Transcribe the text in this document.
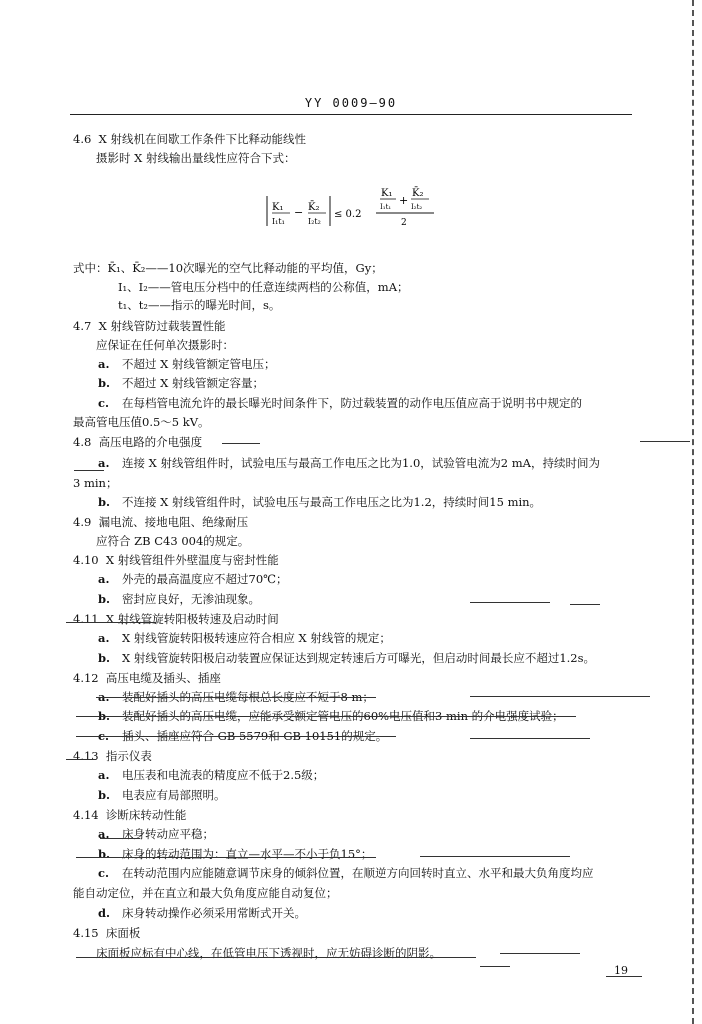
YY 0009—90
4.6 X 射线机在间歇工作条件下比释动能线性
摄影时 X 射线输出量线性应符合下式：
K₁
I₁t₁
− K̄₂
I₂t₂
≤ 0.2
K₁
I₁t₁ +
K̄₂
I₂t₂
2
式中：K̄₁、K̄₂——10次曝光的空气比释动能的平均值，Gy；
I₁、I₂——管电压分档中的任意连续两档的公称值，mA；
t₁、t₂——指示的曝光时间，s。
4.7 X 射线管防过载装置性能
应保证在任何单次摄影时：
a. 不超过 X 射线管额定管电压；
b. 不超过 X 射线管额定容量；
c. 在每档管电流允许的最长曝光时间条件下，防过载装置的动作电压值应高于说明书中规定的
最高管电压值0.5～5 kV。
4.8 高压电路的介电强度
a. 连接 X 射线管组件时，试验电压与最高工作电压之比为1.0，试验管电流为2 mA，持续时间为
3 min；
b. 不连接 X 射线管组件时，试验电压与最高工作电压之比为1.2，持续时间15 min。
4.9 漏电流、接地电阻、绝缘耐压
应符合 ZB C43 004的规定。
4.10 X 射线管组件外壁温度与密封性能
a. 外壳的最高温度应不超过70℃；
b. 密封应良好，无渗油现象。
4.11 X 射线管旋转阳极转速及启动时间
a. X 射线管旋转阳极转速应符合相应 X 射线管的规定；
b. X 射线管旋转阳极启动装置应保证达到规定转速后方可曝光，但启动时间最长应不超过1.2s。
4.12 高压电缆及插头、插座
a. 装配好插头的高压电缆每根总长度应不短于8 m；
b. 装配好插头的高压电缆，应能承受额定管电压的60%电压值和3 min 的介电强度试验；
c. 插头、插座应符合 GB 5579和 GB 10151的规定。
4.13 指示仪表
a. 电压表和电流表的精度应不低于2.5级；
b. 电表应有局部照明。
4.14 诊断床转动性能
a. 床身转动应平稳；
b. 床身的转动范围为：直立—水平—不小于负15°；
c. 在转动范围内应能随意调节床身的倾斜位置，在顺逆方向回转时直立、水平和最大负角度均应
能自动定位，并在直立和最大负角度应能自动复位；
d. 床身转动操作必须采用常断式开关。
4.15 床面板
床面板应标有中心线，在低管电压下透视时，应无妨碍诊断的阴影。
19
